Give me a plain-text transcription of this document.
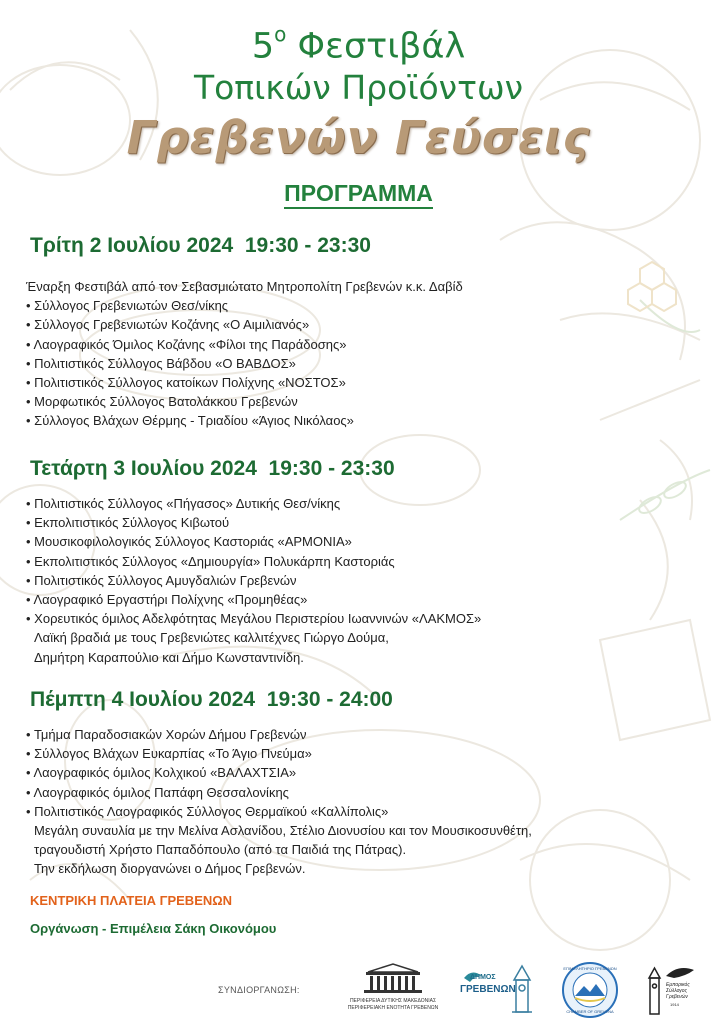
$5^o$ Φεστιβάλ
Τοπικών Προϊόντων
Γρεβενών Γεύσεις
ΠΡΟΓΡΑΜΜΑ
Τρίτη 2 Ιουλίου 2024  19:30 - 23:30
Έναρξη Φεστιβάλ από τον Σεβασμιώτατο Μητροπολίτη Γρεβενών κ.κ. Δαβίδ
• Σύλλογος Γρεβενιωτών Θεσ/νίκης
• Σύλλογος Γρεβενιωτών Κοζάνης «Ο Αιμιλιανός»
• Λαογραφικός Όμιλος Κοζάνης «Φίλοι της Παράδοσης»
• Πολιτιστικός Σύλλογος Βάβδου «Ο ΒΑΒΔΟΣ»
• Πολιτιστικός Σύλλογος κατοίκων Πολίχνης «ΝΟΣΤΟΣ»
• Μορφωτικός Σύλλογος Βατολάκκου Γρεβενών
• Σύλλογος Βλάχων Θέρμης - Τριαδίου «Άγιος Νικόλαος»
Τετάρτη 3 Ιουλίου 2024  19:30 - 23:30
• Πολιτιστικός Σύλλογος «Πήγασος» Δυτικής Θεσ/νίκης
• Εκπολιτιστικός Σύλλογος Κιβωτού
• Μουσικοφιλολογικός Σύλλογος Καστοριάς «ΑΡΜΟΝΙΑ»
• Εκπολιτιστικός Σύλλογος «Δημιουργία» Πολυκάρπη Καστοριάς
• Πολιτιστικός Σύλλογος Αμυγδαλιών Γρεβενών
• Λαογραφικό Εργαστήρι Πολίχνης «Προμηθέας»
• Χορευτικός όμιλος Αδελφότητας Μεγάλου Περιστερίου Ιωαννινών «ΛΑΚΜΟΣ»
Λαϊκή βραδιά με τους Γρεβενιώτες καλλιτέχνες Γιώργο Δούμα,
Δημήτρη Καραπούλιο και Δήμο Κωνσταντινίδη.
Πέμπτη 4 Ιουλίου 2024  19:30 - 24:00
• Τμήμα Παραδοσιακών Χορών Δήμου Γρεβενών
• Σύλλογος Βλάχων Ευκαρπίας «Το Άγιο Πνεύμα»
• Λαογραφικός όμιλος Κολχικού «ΒΑΛΑΧΤΣΙΑ»
• Λαογραφικός όμιλος Παπάφη Θεσσαλονίκης
• Πολιτιστικός Λαογραφικός Σύλλογος Θερμαϊκού «Καλλίπολις»
Μεγάλη συναυλία με την Μελίνα Ασλανίδου, Στέλιο Διονυσίου και τον Μουσικοσυνθέτη,
τραγουδιστή Χρήστο Παπαδόπουλο (από τα Παιδιά της Πάτρας).
Την εκδήλωση διοργανώνει ο Δήμος Γρεβενών.
ΚΕΝΤΡΙΚΗ ΠΛΑΤΕΙΑ ΓΡΕΒΕΝΩΝ
Οργάνωση - Επιμέλεια Σάκη Οικονόμου
ΣΥΝΔΙΟΡΓΑΝΩΣΗ:
ΠΕΡΙΦΕΡΕΙΑ ΔΥΤΙΚΗΣ ΜΑΚΕΔΟΝΙΑΣ
ΠΕΡΙΦΕΡΕΙΑΚΗ ΕΝΟΤΗΤΑ ΓΡΕΒΕΝΩΝ
ΔΗΜΟΣ
ΓΡΕΒΕΝΩΝ
ΕΠΙΜΕΛΗΤΗΡΙΟ ΓΡΕΒΕΝΩΝ
CHAMBER OF GREVENA
Εμπορικός
Σύλλογος
Γρεβενών
1914
